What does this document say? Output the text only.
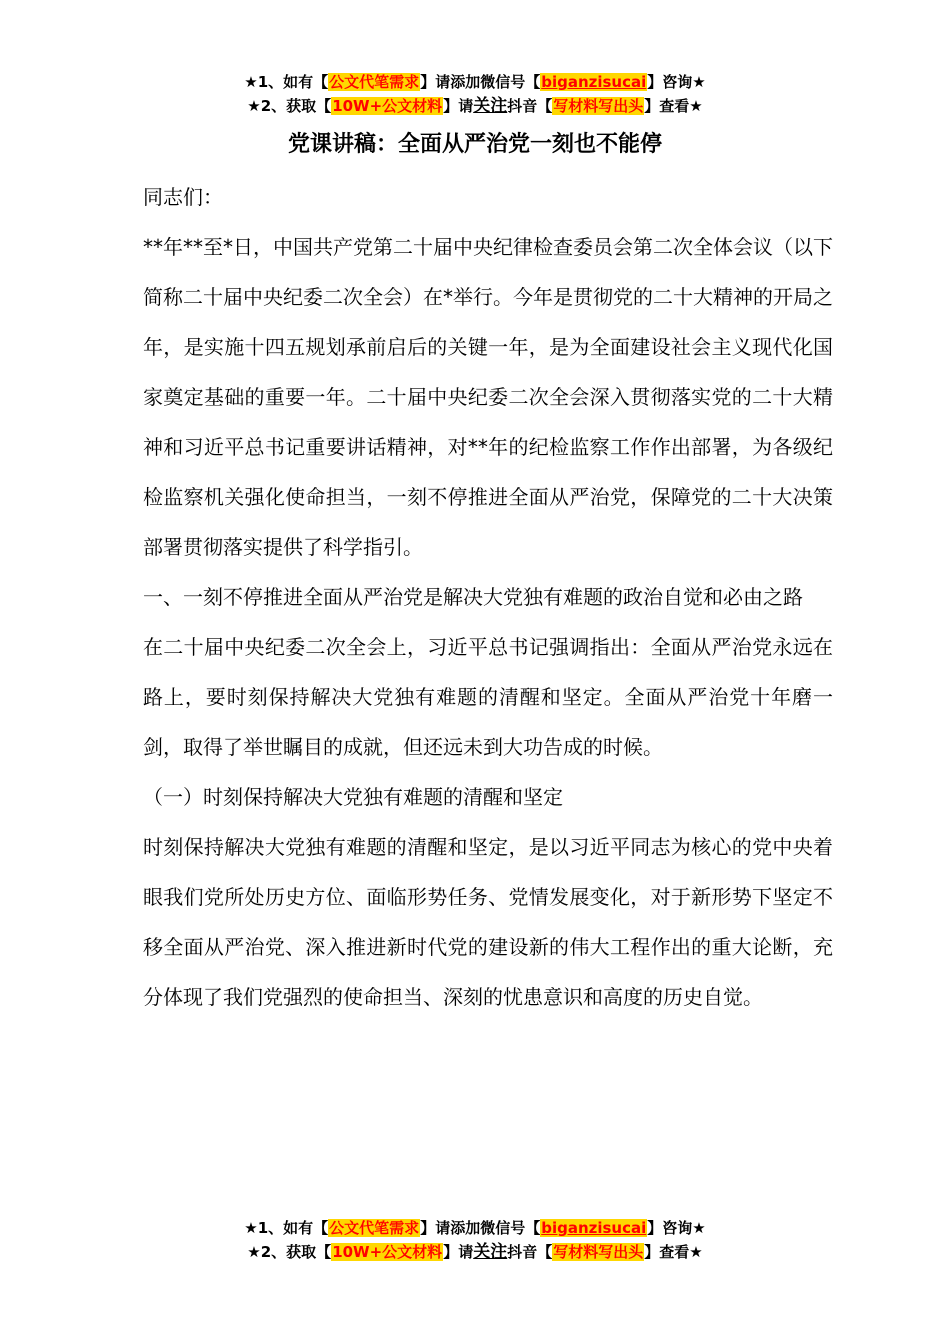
★1、如有【公文代笔需求】请添加微信号【biganzisucai】咨询★
★2、获取【10W+公文材料】请关注抖音【写材料写出头】查看★
党课讲稿：全面从严治党一刻也不能停

同志们：

**年**至*日，中国共产党第二十届中央纪律检查委员会第二次全体会议（以下简称二十届中央纪委二次全会）在*举行。今年是贯彻党的二十大精神的开局之年，是实施十四五规划承前启后的关键一年，是为全面建设社会主义现代化国家奠定基础的重要一年。二十届中央纪委二次全会深入贯彻落实党的二十大精神和习近平总书记重要讲话精神，对**年的纪检监察工作作出部署，为各级纪检监察机关强化使命担当，一刻不停推进全面从严治党，保障党的二十大决策部署贯彻落实提供了科学指引。

一、一刻不停推进全面从严治党是解决大党独有难题的政治自觉和必由之路

在二十届中央纪委二次全会上，习近平总书记强调指出：全面从严治党永远在路上，要时刻保持解决大党独有难题的清醒和坚定。全面从严治党十年磨一剑，取得了举世瞩目的成就，但还远未到大功告成的时候。

（一）时刻保持解决大党独有难题的清醒和坚定

时刻保持解决大党独有难题的清醒和坚定，是以习近平同志为核心的党中央着眼我们党所处历史方位、面临形势任务、党情发展变化，对于新形势下坚定不移全面从严治党、深入推进新时代党的建设新的伟大工程作出的重大论断，充分体现了我们党强烈的使命担当、深刻的忧患意识和高度的历史自觉。

★1、如有【公文代笔需求】请添加微信号【biganzisucai】咨询★
★2、获取【10W+公文材料】请关注抖音【写材料写出头】查看★
